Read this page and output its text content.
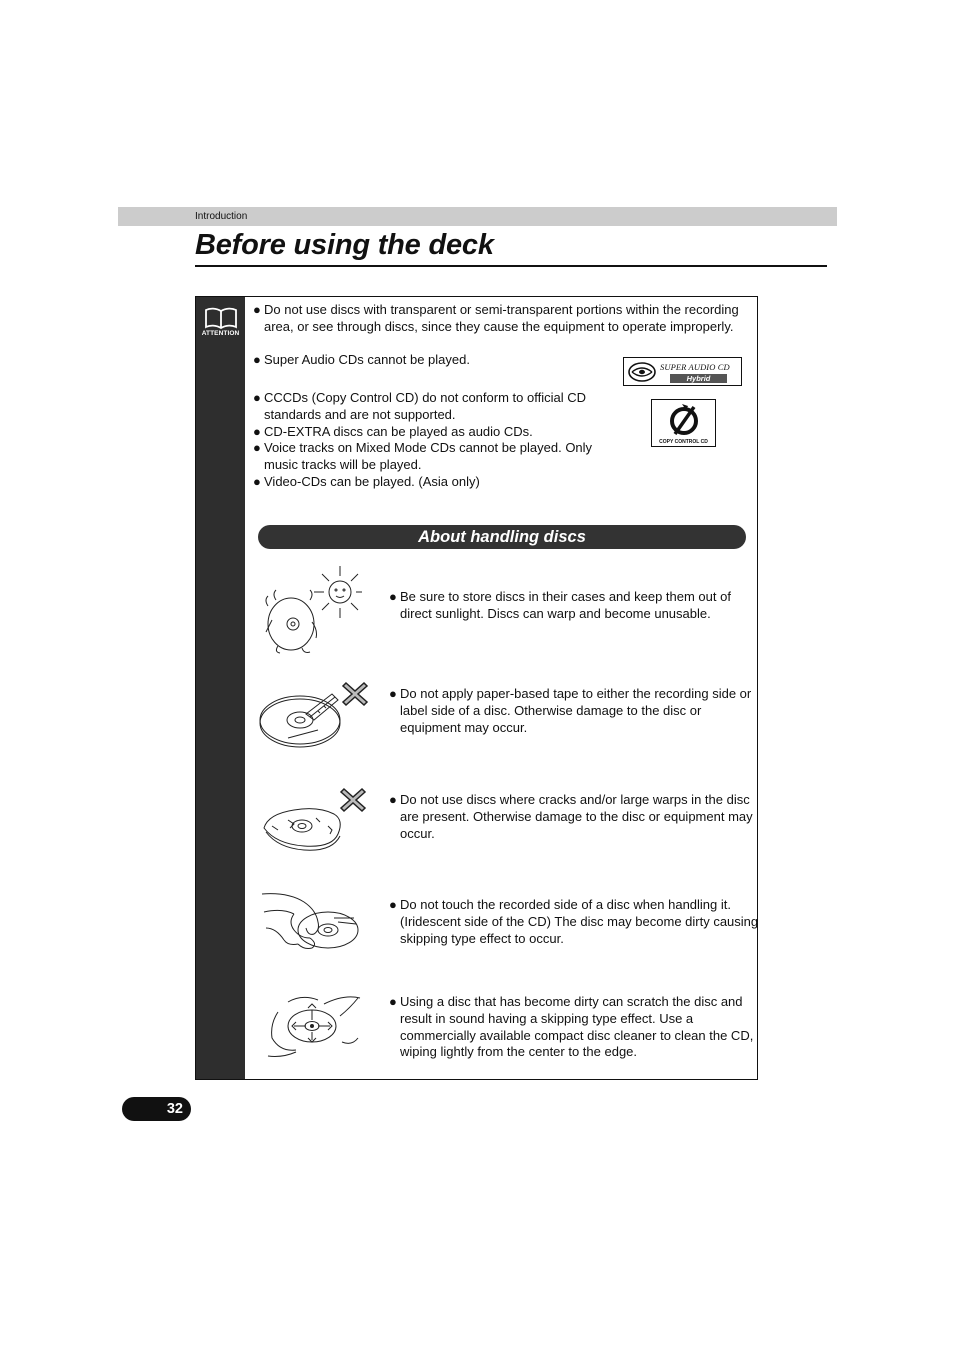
Introduction
Before using the deck
ATTENTION
● Do not use discs with transparent or semi-transparent portions within the recording area, or see through discs, since they cause the equipment to operate improperly.
● Super Audio CDs cannot be played.
● CCCDs (Copy Control CD) do not conform to official CD standards and are not supported.
● CD-EXTRA discs can be played as audio CDs.
● Voice tracks on Mixed Mode CDs cannot be played. Only music tracks will be played.
● Video-CDs can be played. (Asia only)
SUPER AUDIO CD
Hybrid
COPY CONTROL CD
About handling discs
● Be sure to store discs in their cases and keep them out of direct sunlight. Discs can warp and become unusable.
● Do not apply paper-based tape to either the recording side or label side of a disc. Otherwise damage to the disc or equipment may occur.
● Do not use discs where cracks and/or large warps in the disc are present. Otherwise damage to the disc or equipment may occur.
● Do not touch the recorded side of a disc when handling it. (Iridescent side of the CD) The disc may become dirty causing skipping type effect to occur.
● Using a disc that has become dirty can scratch the disc and result in sound having a skipping type effect. Use a commercially available compact disc cleaner to clean the CD, wiping lightly from the center to the edge.
32
